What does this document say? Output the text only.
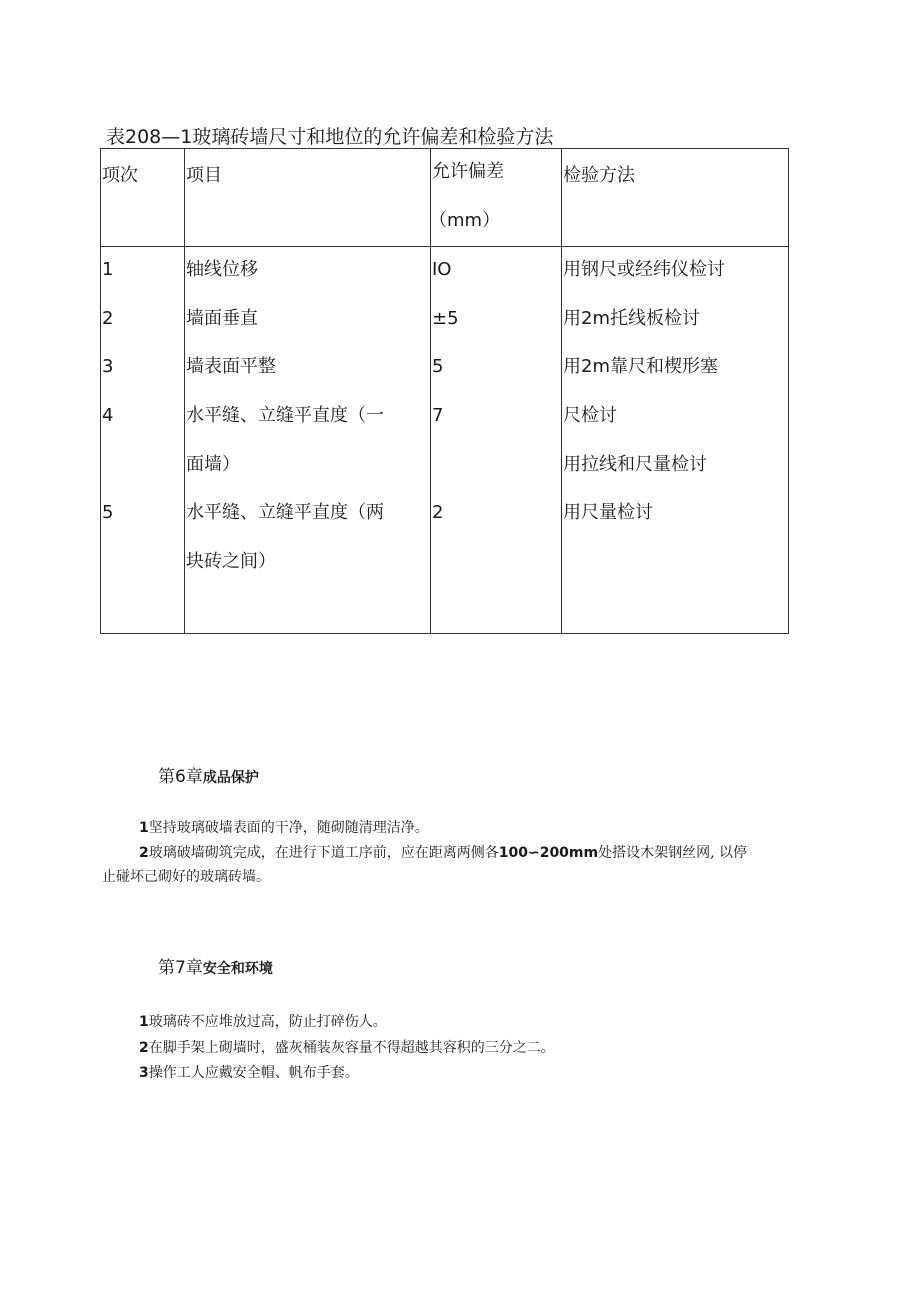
表208—1玻璃砖墙尺寸和地位的允许偏差和检验方法
项次	项目	允许偏差
（mm）
检验方法
1
2
3
4
5
轴线位移
墙面垂直
墙表面平整
水平缝、立缝平直度（一
面墙）
水平缝、立缝平直度（两
块砖之间）
IO
±5
5
7
2
用钢尺或经纬仪检讨
用2m托线板检讨
用2m靠尺和楔形塞
尺检讨
用拉线和尺量检讨
用尺量检讨
第6章成品保护
1坚持玻璃破墙表面的干净，随砌随清理洁净。
2玻璃破墙砌筑完成，在进行下道工序前，应在距离两侧各100∽200mm处搭设木架钢丝网, 以停
止碰坏己砌好的玻璃砖墙。
第7章安全和环境
1玻璃砖不应堆放过高，防止打碎伤人。
2在脚手架上砌墙时，盛灰桶装灰容量不得超越其容积的三分之二。
3操作工人应戴安全帽、帆布手套。
